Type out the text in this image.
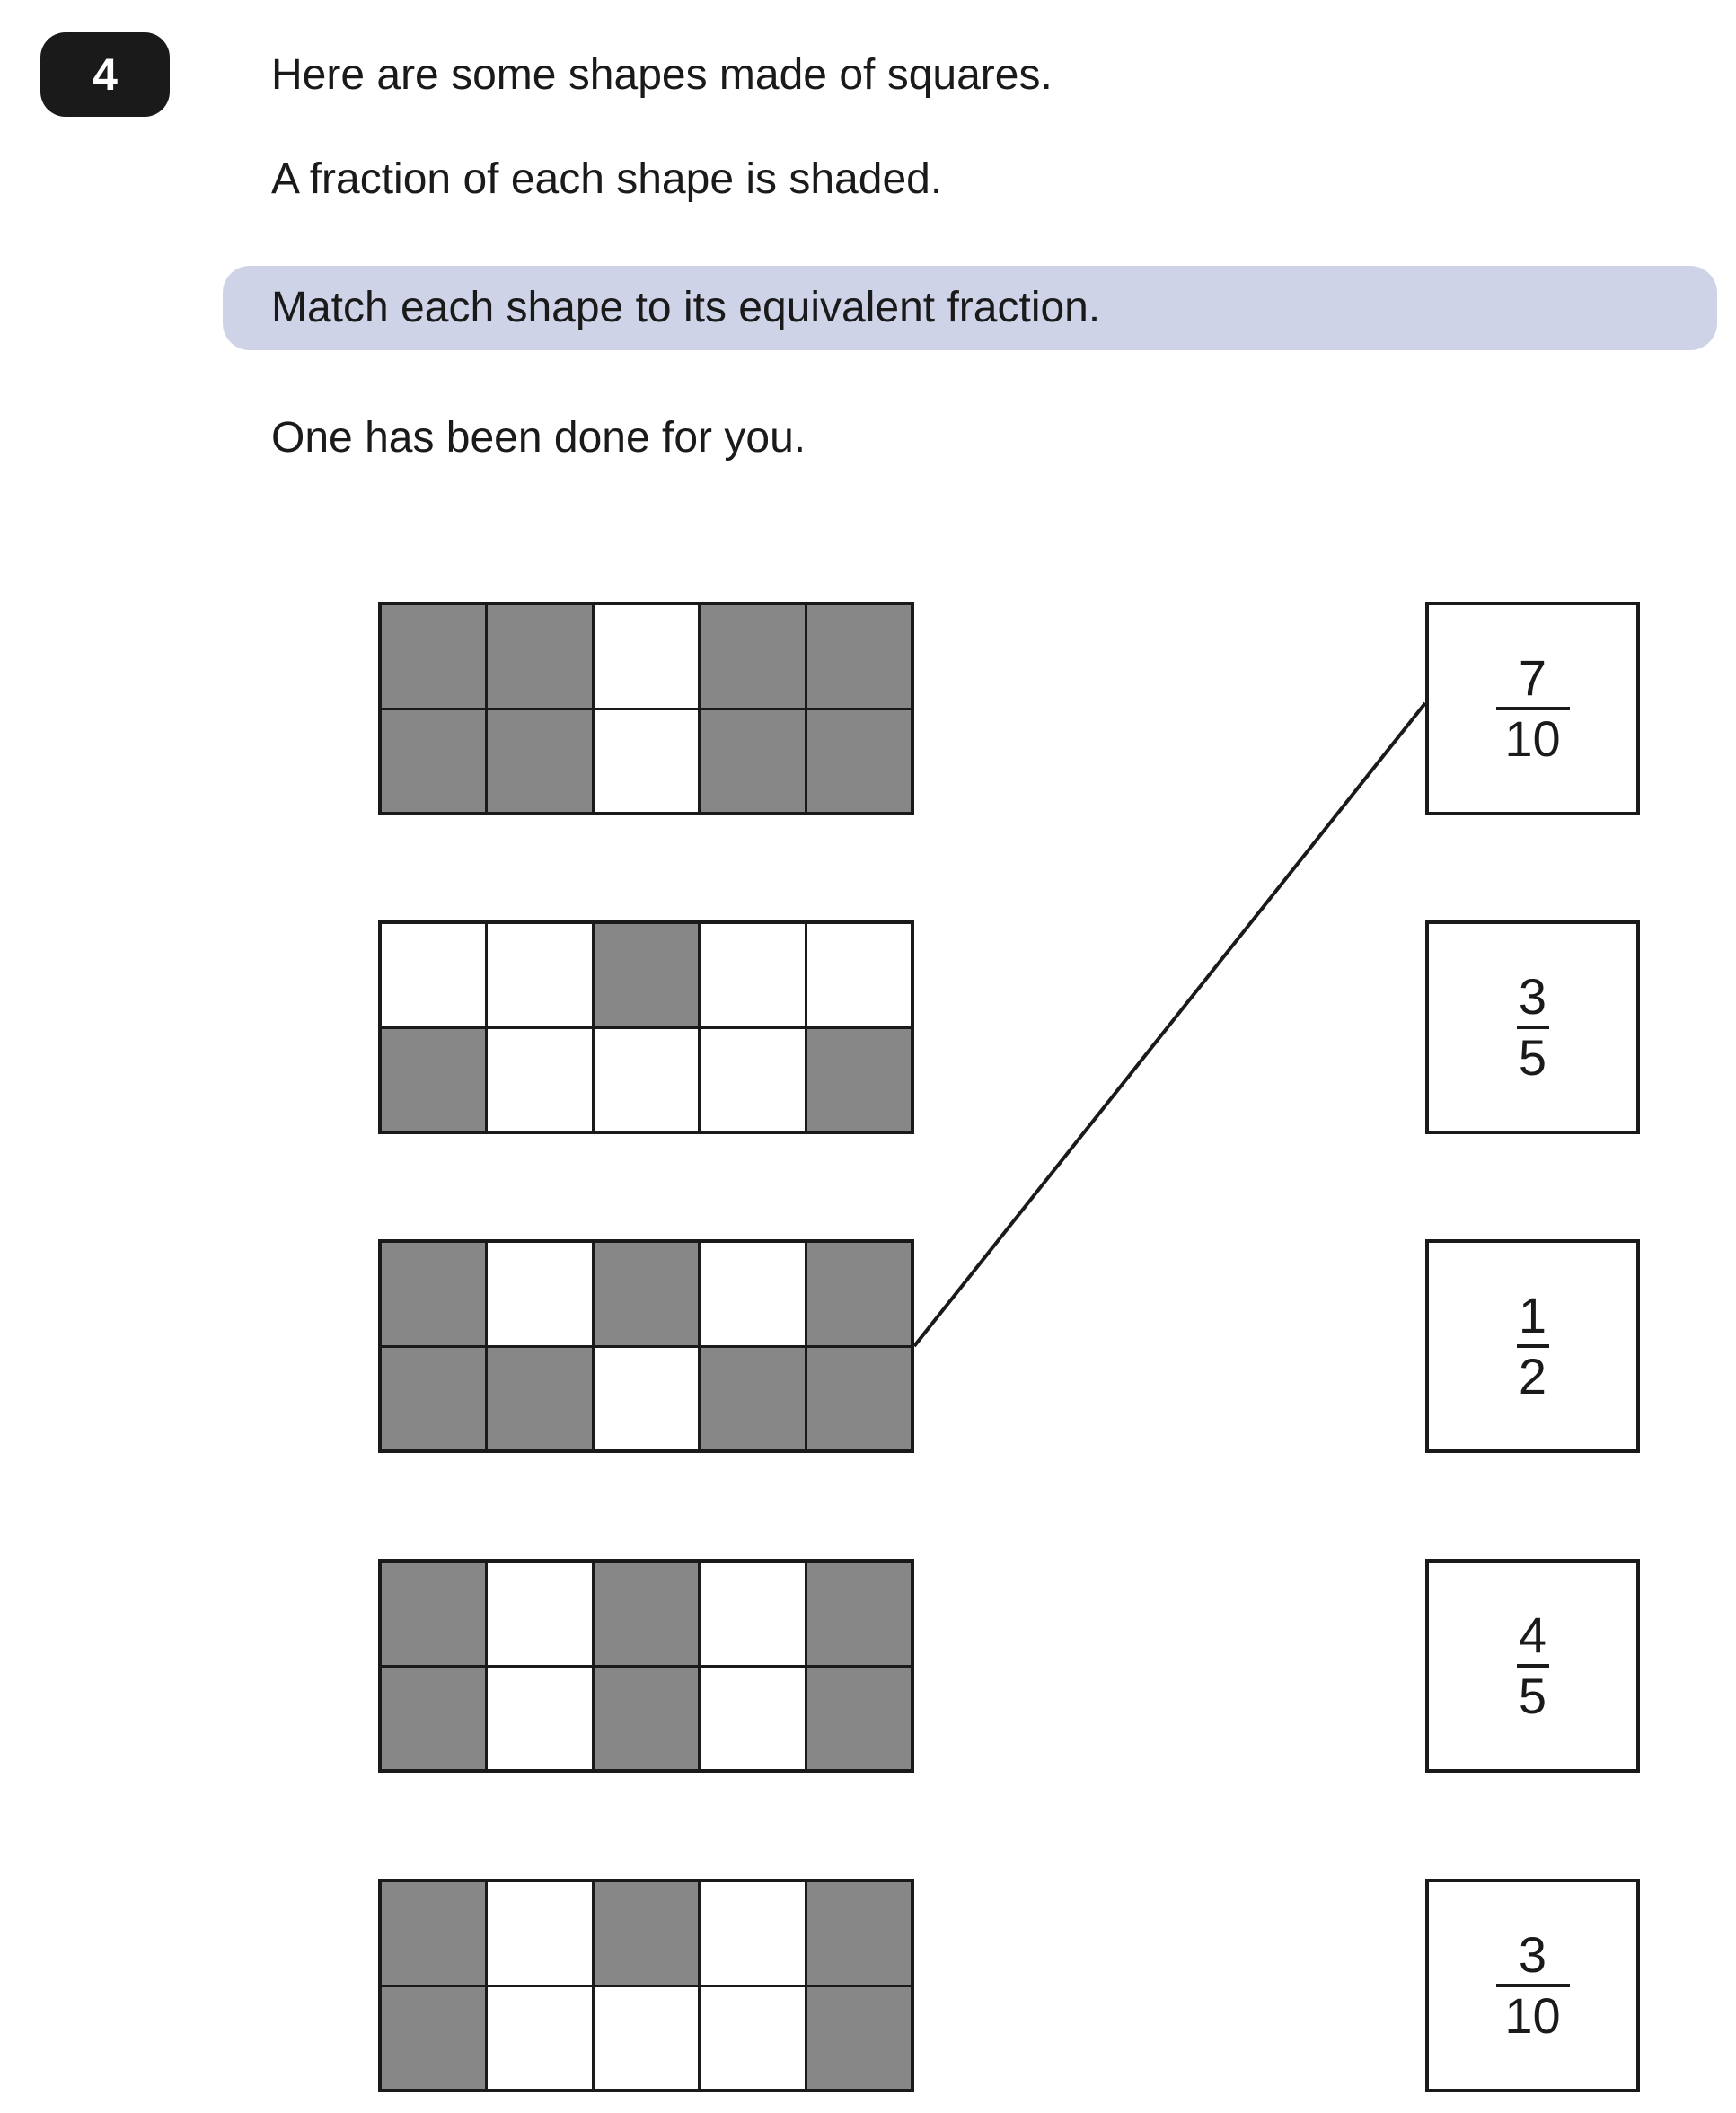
4	Here are some shapes made of squares.
A fraction of each shape is shaded.
Match each shape to its equivalent fraction.
One has been done for you.
$\frac{7}{10}$
$\frac{3}{5}$
$\frac{1}{2}$
$\frac{4}{5}$
$\frac{3}{10}$
